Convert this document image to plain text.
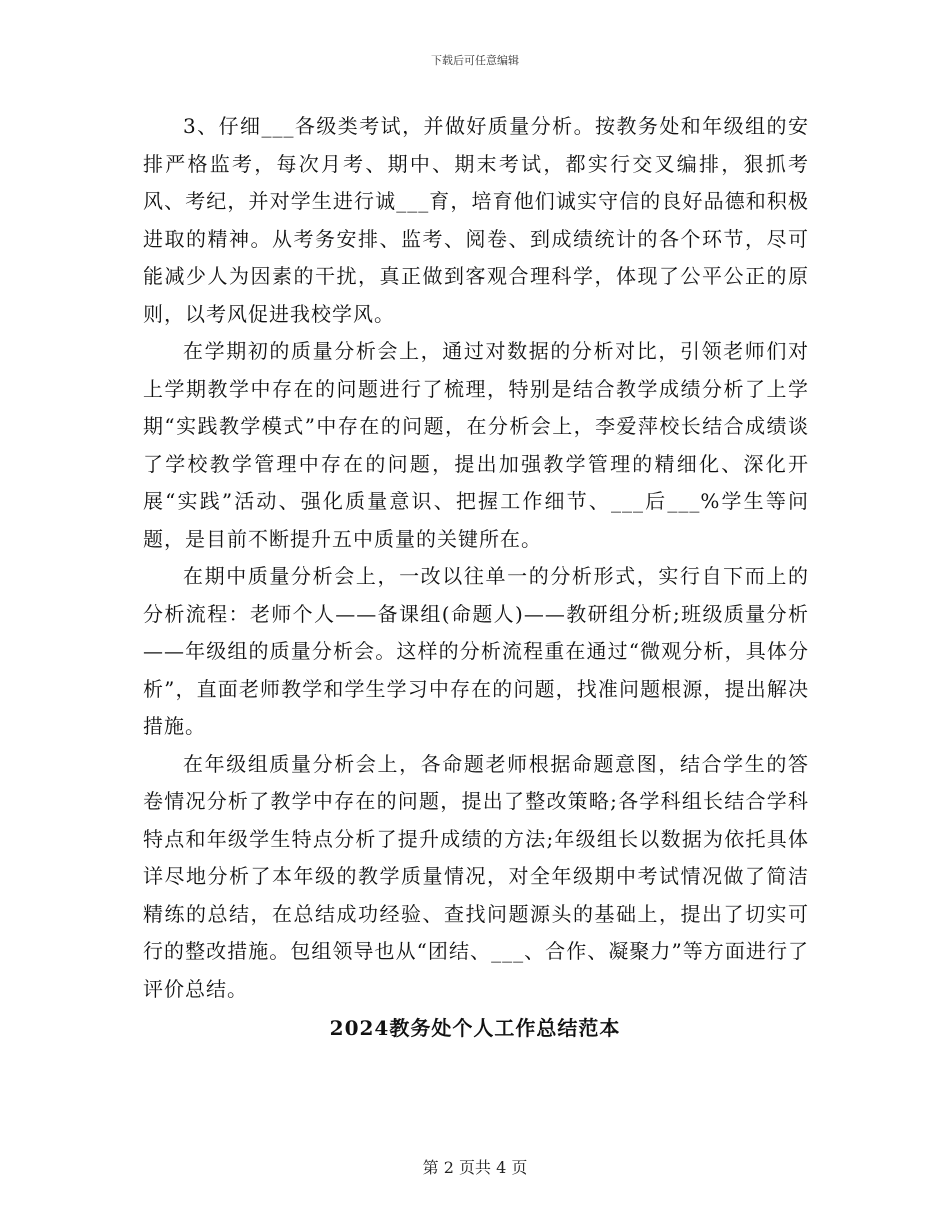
下载后可任意编辑

3、仔细___各级类考试，并做好质量分析。按教务处和年级组的安排严格监考，每次月考、期中、期末考试，都实行交叉编排，狠抓考风、考纪，并对学生进行诚___育，培育他们诚实守信的良好品德和积极进取的精神。从考务安排、监考、阅卷、到成绩统计的各个环节，尽可能减少人为因素的干扰，真正做到客观合理科学，体现了公平公正的原则，以考风促进我校学风。

在学期初的质量分析会上，通过对数据的分析对比，引领老师们对上学期教学中存在的问题进行了梳理，特别是结合教学成绩分析了上学期“实践教学模式”中存在的问题，在分析会上，李爱萍校长结合成绩谈了学校教学管理中存在的问题，提出加强教学管理的精细化、深化开展“实践”活动、强化质量意识、把握工作细节、___后___%学生等问题，是目前不断提升五中质量的关键所在。

在期中质量分析会上，一改以往单一的分析形式，实行自下而上的分析流程：老师个人——备课组(命题人)——教研组分析;班级质量分析——年级组的质量分析会。这样的分析流程重在通过“微观分析，具体分析”，直面老师教学和学生学习中存在的问题，找准问题根源，提出解决措施。

在年级组质量分析会上，各命题老师根据命题意图，结合学生的答卷情况分析了教学中存在的问题，提出了整改策略;各学科组长结合学科特点和年级学生特点分析了提升成绩的方法;年级组长以数据为依托具体详尽地分析了本年级的教学质量情况，对全年级期中考试情况做了简洁精练的总结，在总结成功经验、查找问题源头的基础上，提出了切实可行的整改措施。包组领导也从“团结、___、合作、凝聚力”等方面进行了评价总结。

2024教务处个人工作总结范本
第 2 页共 4 页
